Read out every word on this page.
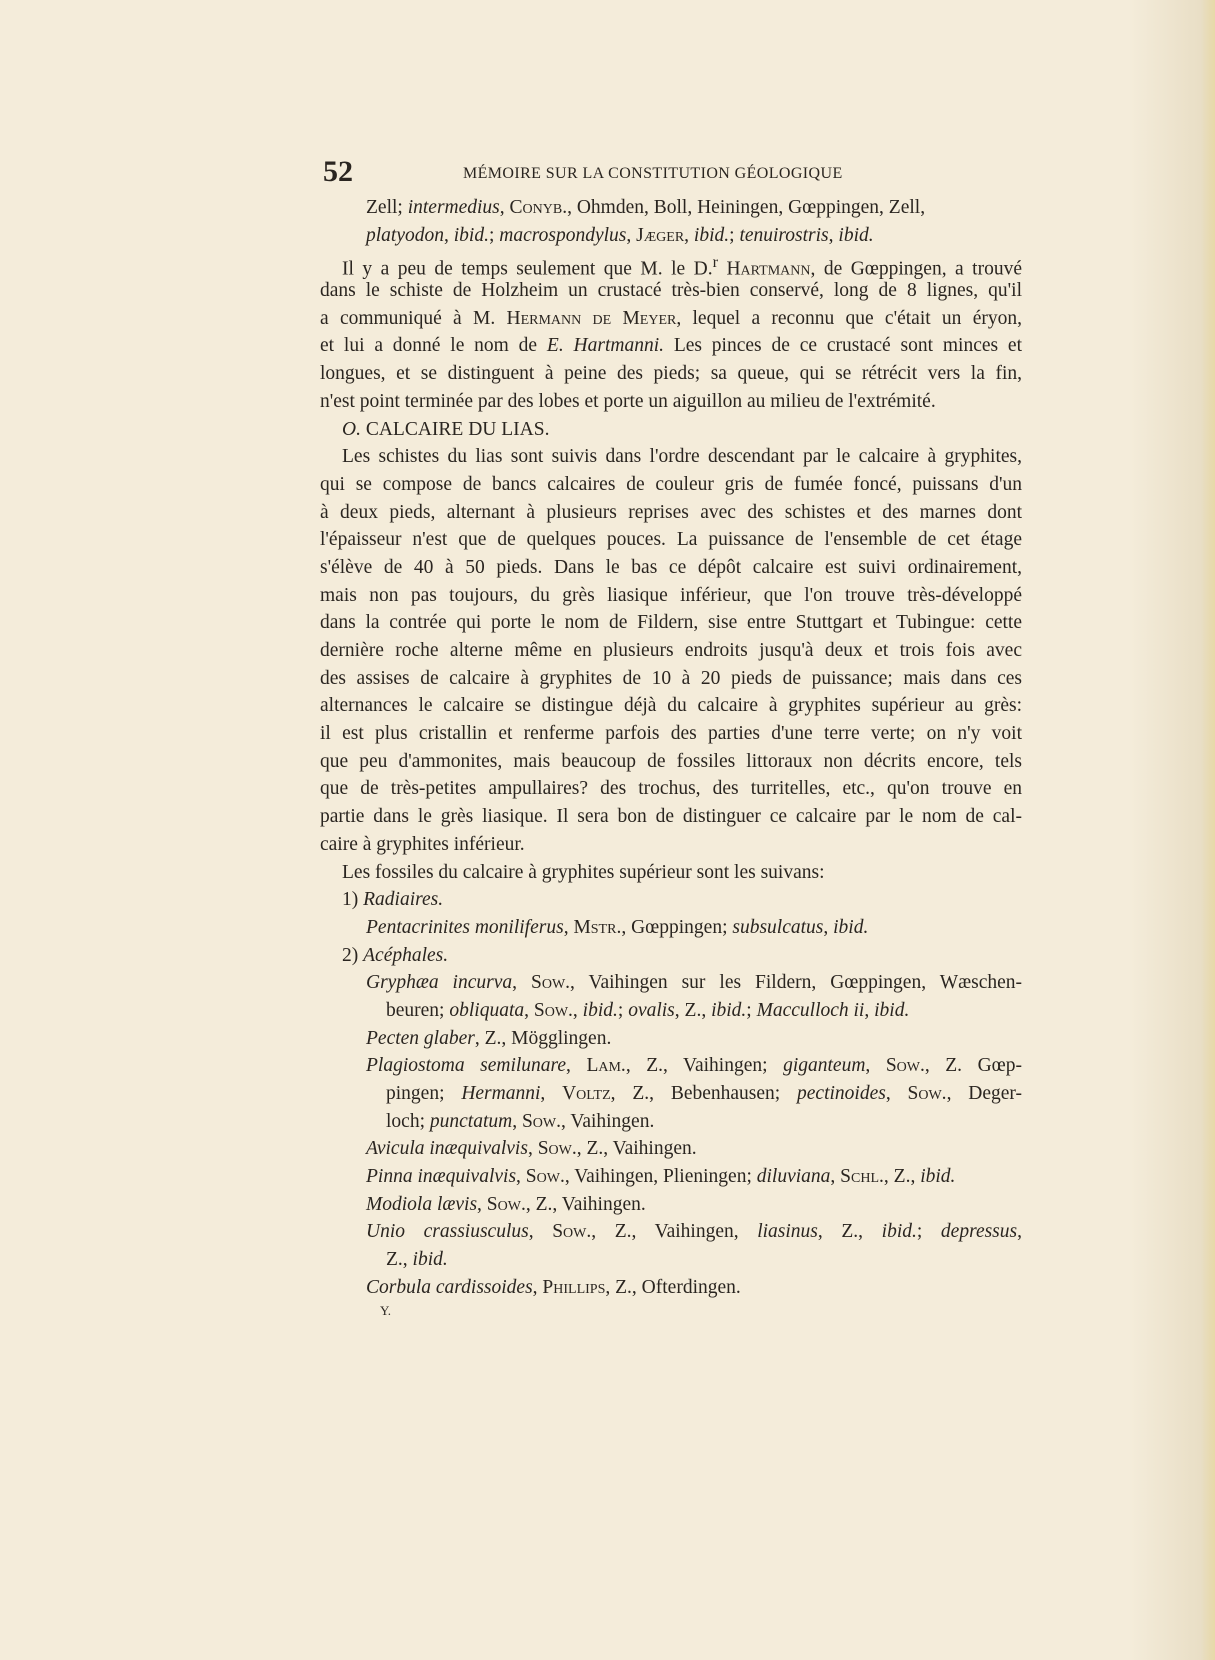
52	MÉMOIRE SUR LA CONSTITUTION GÉOLOGIQUE
Zell; intermedius, Conyb., Ohmden, Boll, Heiningen, Gœppingen, Zell,
platyodon, ibid.; macrospondylus, Jæger, ibid.; tenuirostris, ibid.
Il y a peu de temps seulement que M. le D.$^r$ Hartmann, de Gœppingen, a trouvé
dans le schiste de Holzheim un crustacé très-bien conservé, long de 8 lignes, qu'il
a communiqué à M. Hermann de Meyer, lequel a reconnu que c'était un éryon,
et lui a donné le nom de E. Hartmanni. Les pinces de ce crustacé sont minces et
longues, et se distinguent à peine des pieds; sa queue, qui se rétrécit vers la fin,
n'est point terminée par des lobes et porte un aiguillon au milieu de l'extrémité.
O. CALCAIRE DU LIAS.
Les schistes du lias sont suivis dans l'ordre descendant par le calcaire à gryphites,
qui se compose de bancs calcaires de couleur gris de fumée foncé, puissans d'un
à deux pieds, alternant à plusieurs reprises avec des schistes et des marnes dont
l'épaisseur n'est que de quelques pouces. La puissance de l'ensemble de cet étage
s'élève de 40 à 50 pieds. Dans le bas ce dépôt calcaire est suivi ordinairement,
mais non pas toujours, du grès liasique inférieur, que l'on trouve très-développé
dans la contrée qui porte le nom de Fildern, sise entre Stuttgart et Tubingue: cette
dernière roche alterne même en plusieurs endroits jusqu'à deux et trois fois avec
des assises de calcaire à gryphites de 10 à 20 pieds de puissance; mais dans ces
alternances le calcaire se distingue déjà du calcaire à gryphites supérieur au grès:
il est plus cristallin et renferme parfois des parties d'une terre verte; on n'y voit
que peu d'ammonites, mais beaucoup de fossiles littoraux non décrits encore, tels
que de très-petites ampullaires? des trochus, des turritelles, etc., qu'on trouve en
partie dans le grès liasique. Il sera bon de distinguer ce calcaire par le nom de cal-
caire à gryphites inférieur.
Les fossiles du calcaire à gryphites supérieur sont les suivans:
1) Radiaires.
Pentacrinites moniliferus, Mstr., Gœppingen; subsulcatus, ibid.
2) Acéphales.
Gryphæa incurva, Sow., Vaihingen sur les Fildern, Gœppingen, Wæschen-
beuren; obliquata, Sow., ibid.; ovalis, Z., ibid.; Macculloch ii, ibid.
Pecten glaber, Z., Mögglingen.
Plagiostoma semilunare, Lam., Z., Vaihingen; giganteum, Sow., Z. Gœp-
pingen; Hermanni, Voltz, Z., Bebenhausen; pectinoides, Sow., Deger-
loch; punctatum, Sow., Vaihingen.
Avicula inæquivalvis, Sow., Z., Vaihingen.
Pinna inæquivalvis, Sow., Vaihingen, Plieningen; diluviana, Schl., Z., ibid.
Modiola lævis, Sow., Z., Vaihingen.
Unio crassiusculus, Sow., Z., Vaihingen, liasinus, Z., ibid.; depressus,
Z., ibid.
Corbula cardissoides, Phillips, Z., Ofterdingen.
Y.
